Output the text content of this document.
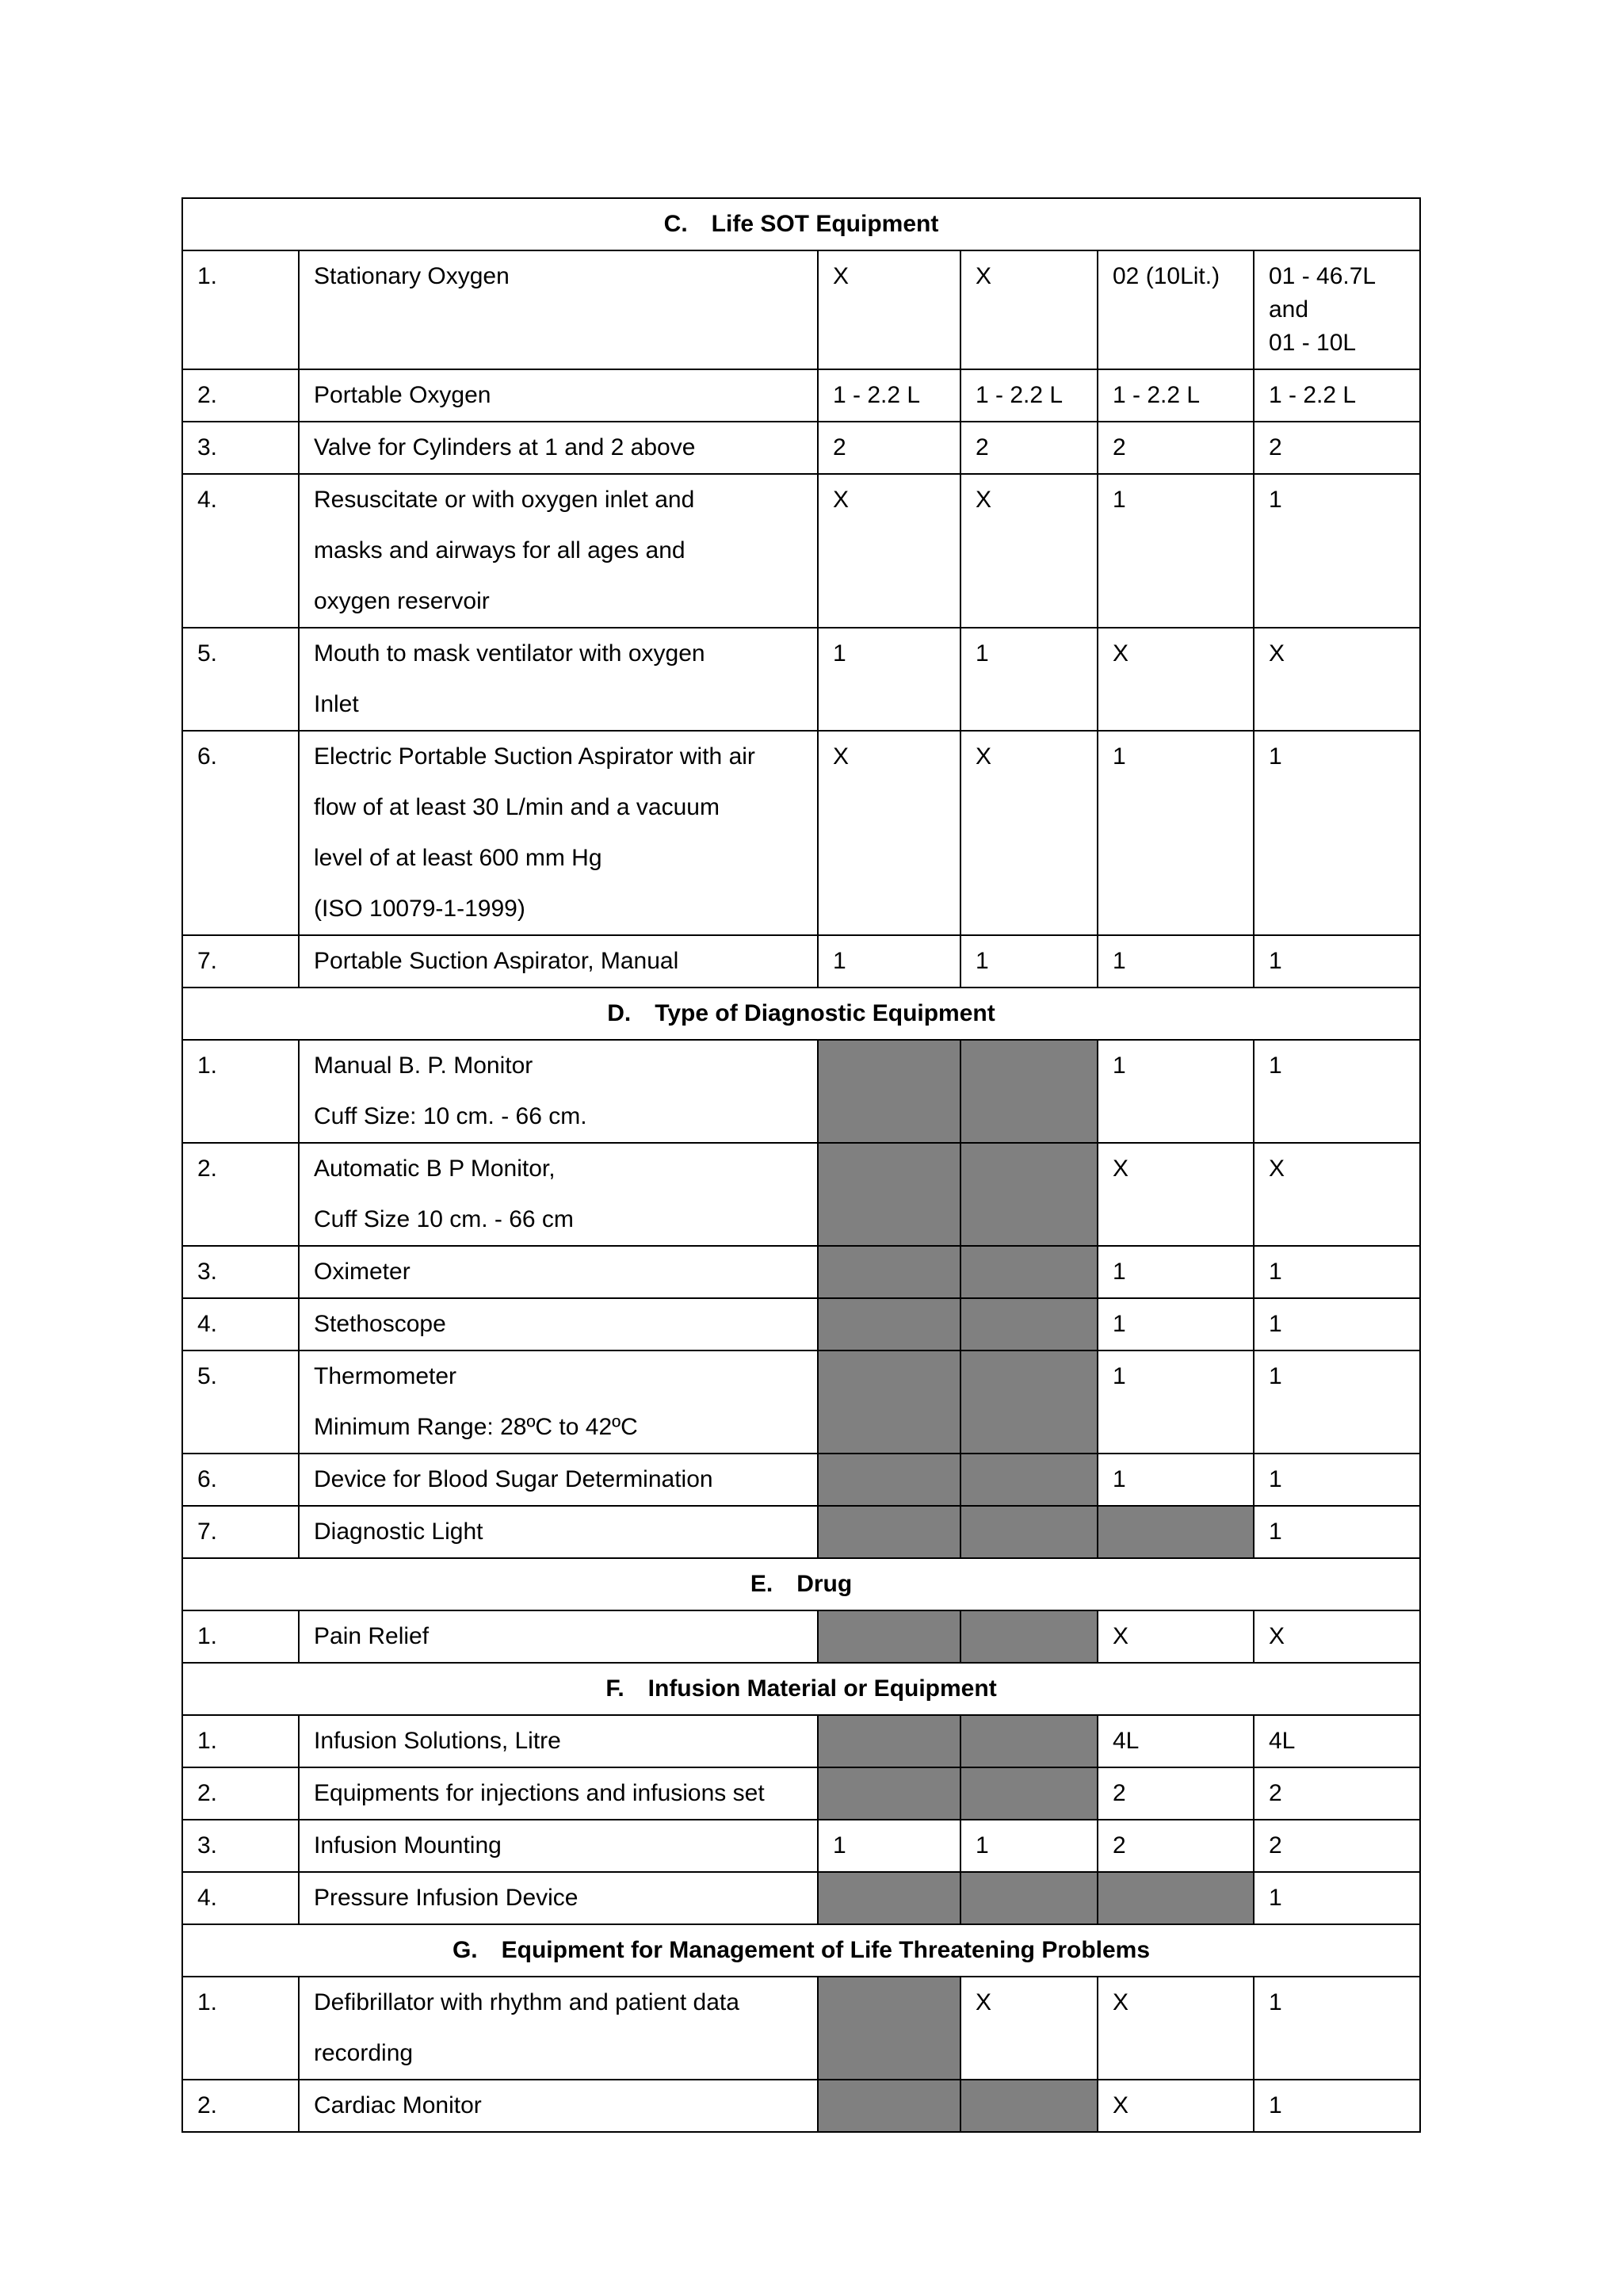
C. Life SOT Equipment					
1.	Stationary Oxygen	X	X	02 (10Lit.)	01 - 46.7L
and
01 - 10L

2.	Portable Oxygen	1 - 2.2 L	1 - 2.2 L	1 - 2.2 L	1 - 2.2 L
3.	Valve for Cylinders at 1 and 2 above	2	2	2	2
4.	Resuscitate or with oxygen inlet and
masks and airways for all ages and
oxygen reservoir	X	X	1	1
5.	Mouth to mask ventilator with oxygen
Inlet	1	1	X	X
6.	Electric Portable Suction Aspirator with air
flow of at least 30 L/min and a vacuum
level of at least 600 mm Hg
(ISO 10079-1-1999)	X	X	1	1
7.	Portable Suction Aspirator, Manual	1	1	1	1
D. Type of Diagnostic Equipment					
1.	Manual B. P. Monitor
Cuff Size: 10 cm. - 66 cm.			1	1
2.	Automatic B P Monitor,
Cuff Size 10 cm. - 66 cm			X	X
3.	Oximeter			1	1
4.	Stethoscope			1	1
5.	Thermometer
Minimum Range: 28ºC to 42ºC			1	1
6.	Device for Blood Sugar Determination			1	1
7.	Diagnostic Light				1
E. Drug					
1.	Pain Relief			X	X
F. Infusion Material or Equipment					
1.	Infusion Solutions, Litre			4L	4L
2.	Equipments for injections and infusions set			2	2
3.	Infusion Mounting	1	1	2	2
4.	Pressure Infusion Device				1
G. Equipment for Management of Life Threatening Problems					
1.	Defibrillator with rhythm and patient data
recording		X	X	1
2.	Cardiac Monitor			X	1
